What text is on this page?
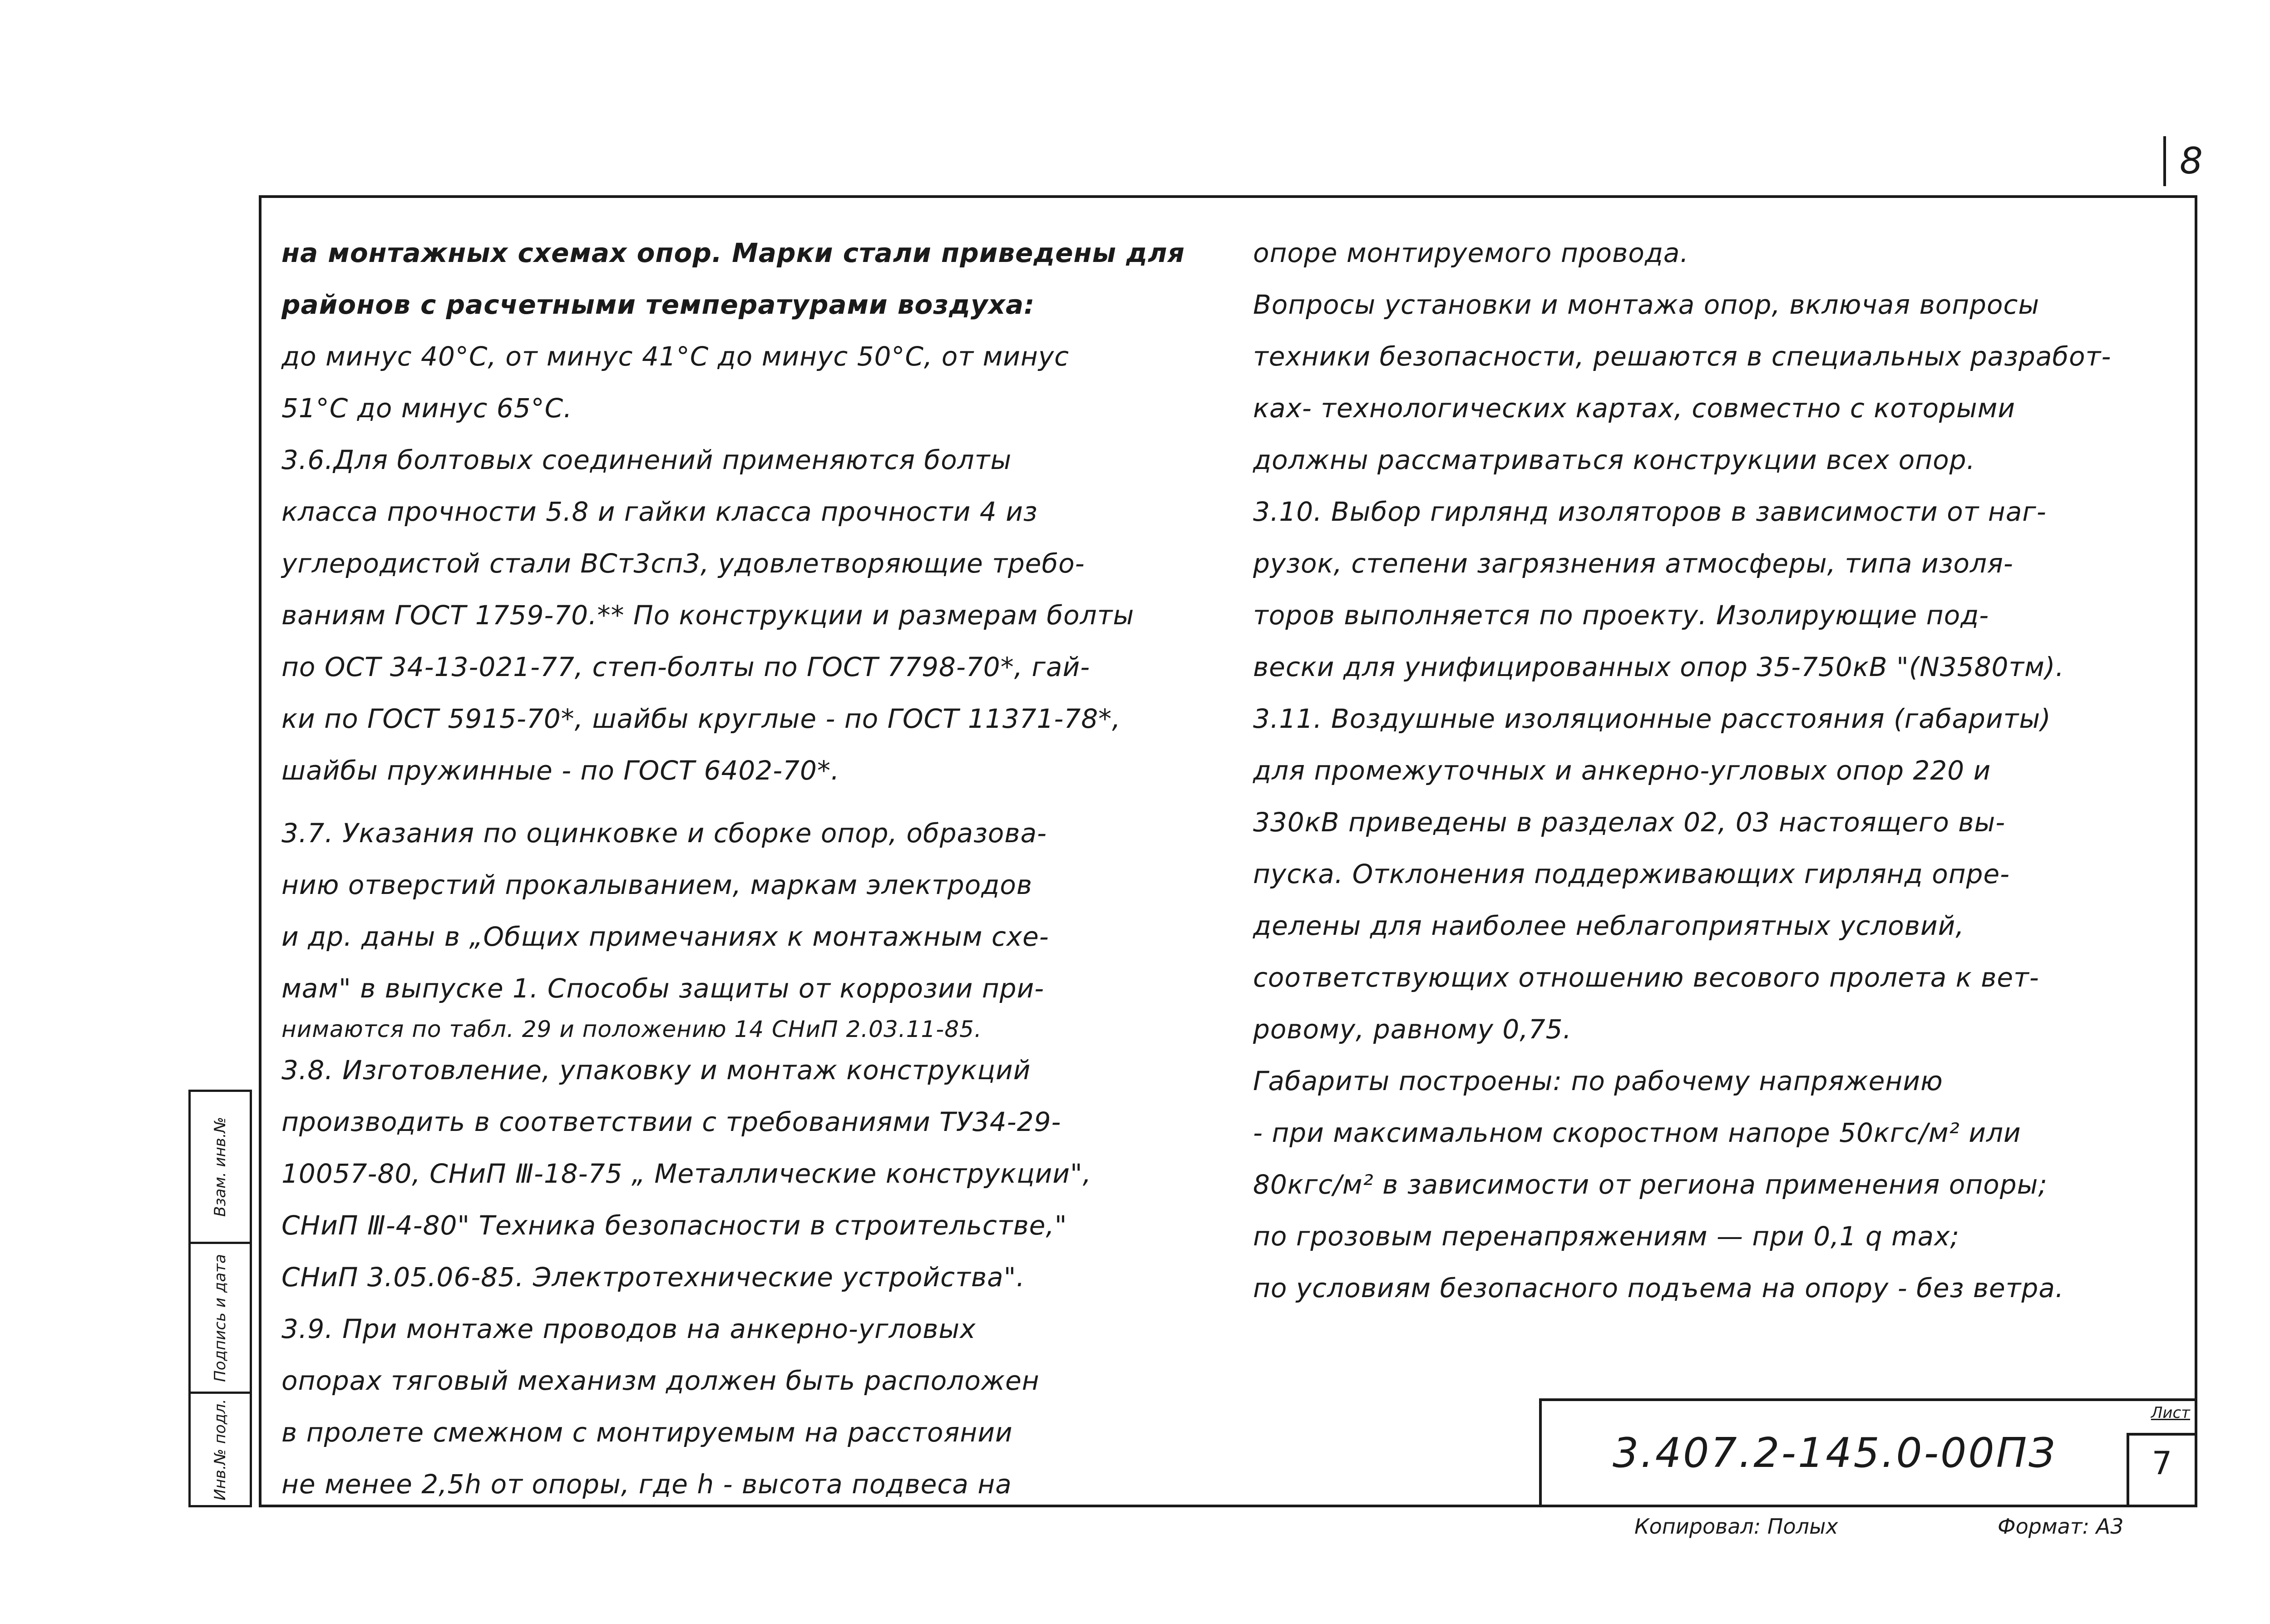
8

на монтажных схемах опор. Марки стали приведены для

районов с расчетными температурами воздуха:

до минус 40°С, от минус 41°С до минус 50°С, от минус

51°С до минус 65°С.

3.6.Для болтовых соединений применяются болты

класса прочности 5.8 и гайки класса прочности 4 из

углеродистой стали ВСт3сп3, удовлетворяющие требо-

ваниям ГОСТ 1759-70.** По конструкции и размерам болты

по ОСТ 34-13-021-77, степ-болты по ГОСТ 7798-70*, гай-

ки по ГОСТ 5915-70*, шайбы круглые - по ГОСТ 11371-78*,

шайбы пружинные - по ГОСТ 6402-70*.

3.7. Указания по оцинковке и сборке опор, образова-

нию отверстий прокалыванием, маркам электродов

и др. даны в „Общих примечаниях к монтажным схе-

мам" в выпуске 1. Способы защиты от коррозии при-

нимаются по табл. 29 и положению 14 СНиП 2.03.11-85.

3.8. Изготовление, упаковку и монтаж конструкций

производить в соответствии с требованиями ТУ34-29-

10057-80, СНиП Ⅲ-18-75 „ Металлические конструкции",

СНиП Ⅲ-4-80" Техника безопасности в строительстве,"

СНиП 3.05.06-85. Электротехнические устройства".

3.9. При монтаже проводов на анкерно-угловых

опорах тяговый механизм должен быть расположен

в пролете смежном с монтируемым на расстоянии

не менее 2,5h от опоры, где h - высота подвеса на

опоре монтируемого провода.

Вопросы установки и монтажа опор, включая вопросы

техники безопасности, решаются в специальных разработ-

ках- технологических картах, совместно с которыми

должны рассматриваться конструкции всех опор.

3.10. Выбор гирлянд изоляторов в зависимости от наг-

рузок, степени загрязнения атмосферы, типа изоля-

торов выполняется по проекту. Изолирующие под-

вески для унифицированных опор 35-750кВ "(N3580тм).

3.11. Воздушные изоляционные расстояния (габариты)

для промежуточных и анкерно-угловых опор 220 и

330кВ приведены в разделах 02, 03 настоящего вы-

пуска. Отклонения поддерживающих гирлянд опре-

делены для наиболее неблагоприятных условий,

соответствующих отношению весового пролета к вет-

ровому, равному 0,75.

Габариты построены: по рабочему напряжению

- при максимальном скоростном напоре 50кгс/м² или

80кгс/м² в зависимости от региона применения опоры;

по грозовым перенапряжениям — при 0,1 q max;

по условиям безопасного подъема на опору - без ветра.

Взам. инв.№
Подпись и дата
Инв.№ подл.	3.407.2-145.0-00ПЗ
Лист
7
Копировал: Полых	Формат: А3
